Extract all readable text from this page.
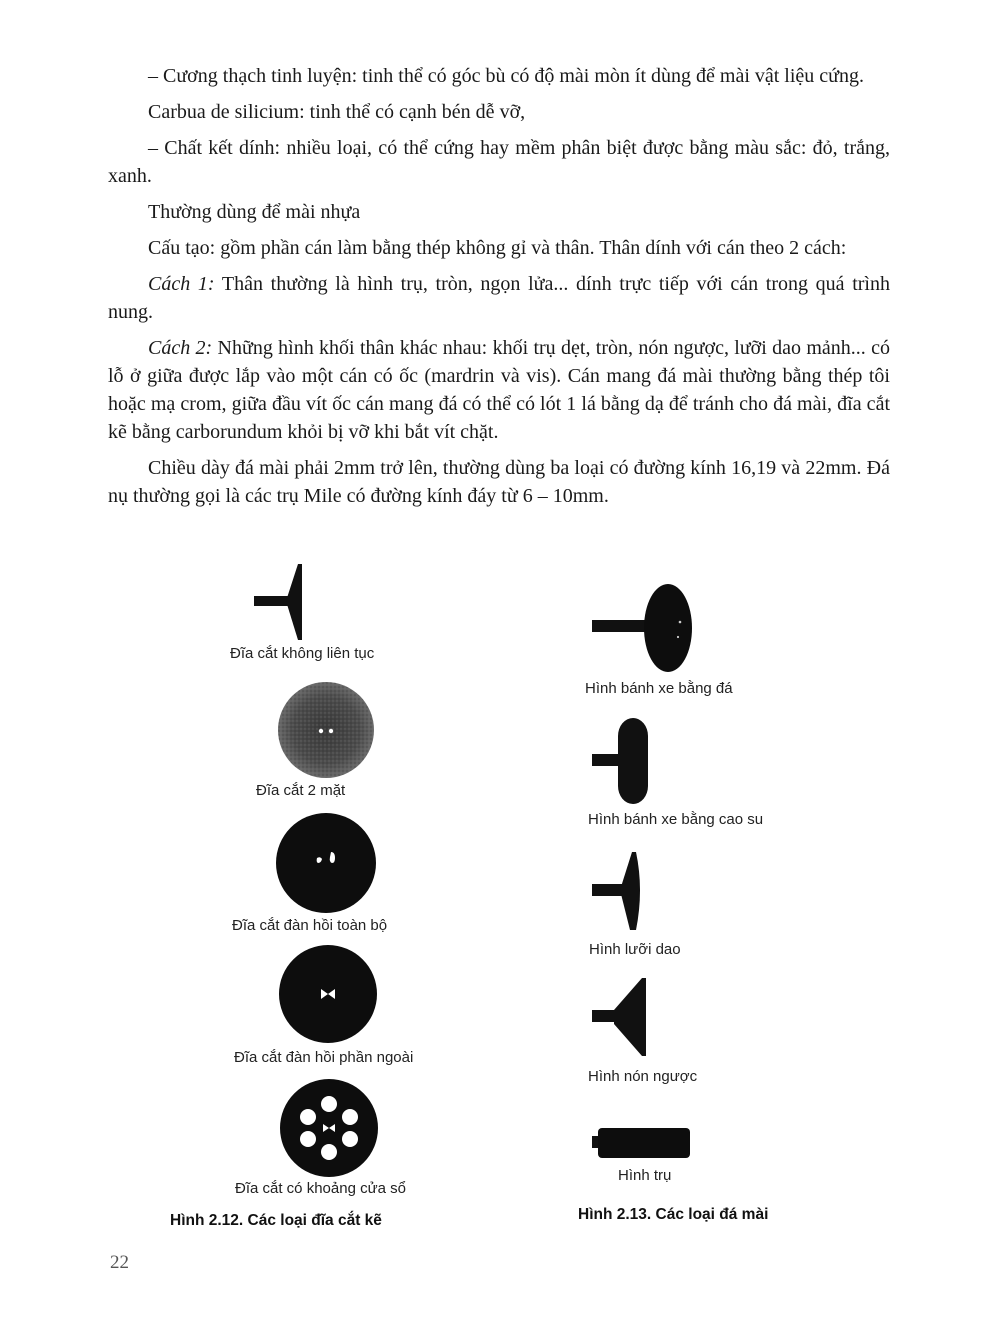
– Cương thạch tinh luyện: tinh thể có góc bù có độ mài mòn ít dùng để mài vật liệu cứng.

Carbua de silicium: tinh thể có cạnh bén dễ vỡ,

– Chất kết dính: nhiều loại, có thể cứng hay mềm phân biệt được bằng màu sắc: đỏ, trắng, xanh.

Thường dùng để mài nhựa

Cấu tạo: gồm phần cán làm bằng thép không gỉ và thân. Thân dính với cán theo 2 cách:

Cách 1: Thân thường là hình trụ, tròn, ngọn lửa... dính trực tiếp với cán trong quá trình nung.

Cách 2: Những hình khối thân khác nhau: khối trụ dẹt, tròn, nón ngược, lưỡi dao mảnh... có lỗ ở giữa được lắp vào một cán có ốc (mardrin và vis). Cán mang đá mài thường bằng thép tôi hoặc mạ crom, giữa đầu vít ốc cán mang đá có thể có lót 1 lá bằng dạ để tránh cho đá mài, đĩa cắt kẽ bằng carborundum khỏi bị vỡ khi bắt vít chặt.

Chiều dày đá mài phải 2mm trở lên, thường dùng ba loại có đường kính 16,19 và 22mm. Đá nụ thường gọi là các trụ Mile có đường kính đáy từ 6 – 10mm.

Đĩa cắt không liên tục
Đĩa cắt 2 mặt
Đĩa cắt đàn hồi toàn bộ
Đĩa cắt đàn hồi phần ngoài
Đĩa cắt có khoảng cửa sổ
Hình 2.12. Các loại đĩa cắt kẽ
Hình bánh xe bằng đá
Hình bánh xe bằng cao su
Hình lưỡi dao
Hình nón ngược
Hình trụ
Hình 2.13. Các loại đá mài
22
